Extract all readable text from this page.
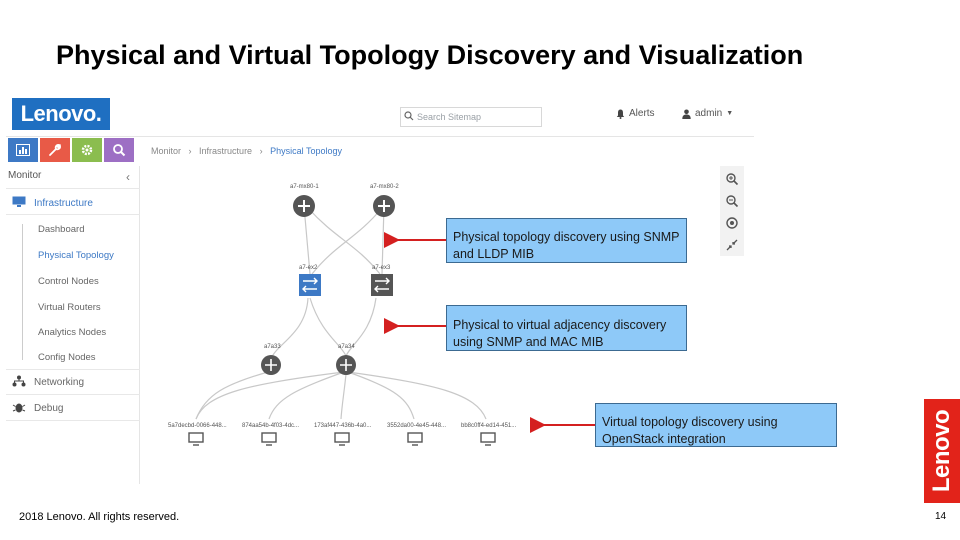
Physical and Virtual Topology Discovery and Visualization
Lenovo.	Search Sitemap	Alerts	admin ▼
Monitor	‹
Infrastructure
Dashboard
Physical Topology
Control Nodes
Virtual Routers
Analytics Nodes
Config Nodes
Networking
Debug
Monitor   ›   Infrastructure   ›   Physical Topology
a7-mx80-1	a7-mx80-2
a7-ex2	a7-ex3
a7a33	a7a34
5a7decbd-0066-448...	874aa54b-4f03-4dc... 173af447-436b-4a0...	3552da00-4e45-448... bb8c0ff4-ed14-451...
Physical topology discovery using SNMP and LLDP MIB
Physical to virtual adjacency discovery using SNMP and MAC MIB
Virtual topology discovery using OpenStack integration	Lenovo
2018 Lenovo. All rights reserved.	14
